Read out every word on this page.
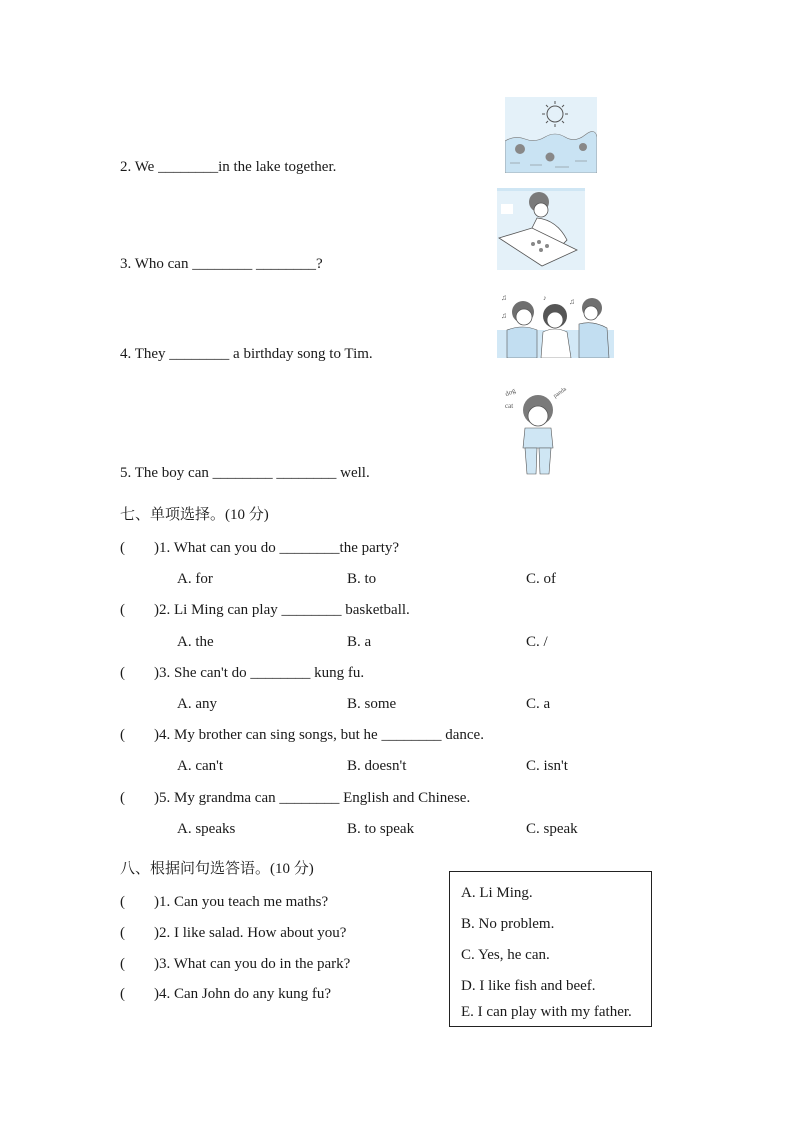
2. We ________in the lake together.
3. Who can ________ ________?
4. They ________ a birthday song to Tim.
5. The boy can ________ ________ well.
♫
♫
♫
♪
dog
cat
panda
七、单项选择。(10 分)
( )1. What can you do ________the party?
A. for	B. to	C. of
( )2. Li Ming can play ________ basketball.
A. the	B. a	C. /
( )3. She can't do ________ kung fu.
A. any	B. some	C. a
( )4. My brother can sing songs, but he ________ dance.
A. can't	B. doesn't	C. isn't
( )5. My grandma can ________ English and Chinese.
A. speaks	B. to speak	C. speak
八、根据问句选答语。(10 分)
( )1. Can you teach me maths?
( )2. I like salad. How about you?
( )3. What can you do in the park?
( )4. Can John do any kung fu?
A. Li Ming.
B. No problem.
C. Yes, he can.
D. I like fish and beef.
E. I can play with my father.
